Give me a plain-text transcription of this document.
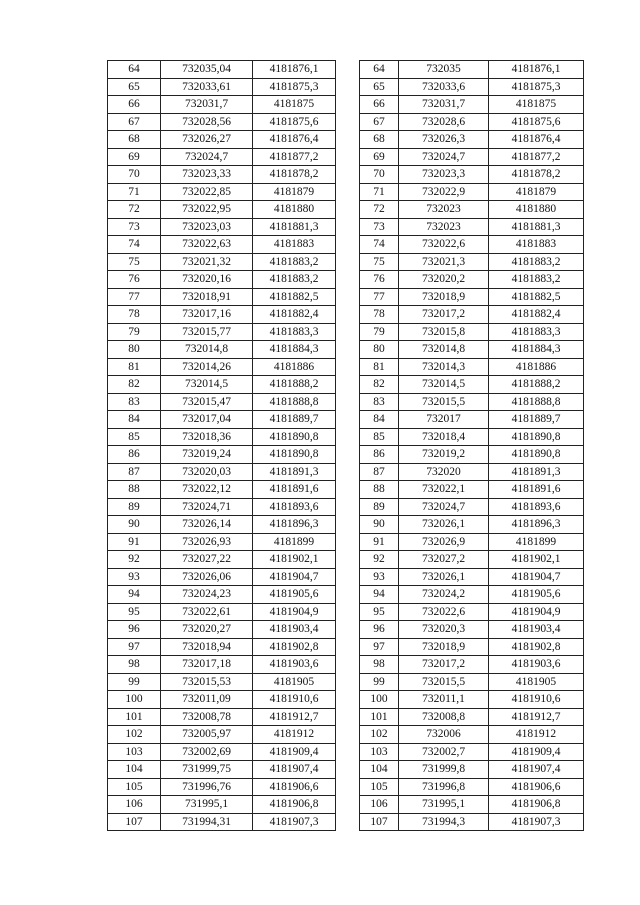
64	732035,04	4181876,1
65	732033,61	4181875,3
66	732031,7	4181875
67	732028,56	4181875,6
68	732026,27	4181876,4
69	732024,7	4181877,2
70	732023,33	4181878,2
71	732022,85	4181879
72	732022,95	4181880
73	732023,03	4181881,3
74	732022,63	4181883
75	732021,32	4181883,2
76	732020,16	4181883,2
77	732018,91	4181882,5
78	732017,16	4181882,4
79	732015,77	4181883,3
80	732014,8	4181884,3
81	732014,26	4181886
82	732014,5	4181888,2
83	732015,47	4181888,8
84	732017,04	4181889,7
85	732018,36	4181890,8
86	732019,24	4181890,8
87	732020,03	4181891,3
88	732022,12	4181891,6
89	732024,71	4181893,6
90	732026,14	4181896,3
91	732026,93	4181899
92	732027,22	4181902,1
93	732026,06	4181904,7
94	732024,23	4181905,6
95	732022,61	4181904,9
96	732020,27	4181903,4
97	732018,94	4181902,8
98	732017,18	4181903,6
99	732015,53	4181905
100	732011,09	4181910,6
101	732008,78	4181912,7
102	732005,97	4181912
103	732002,69	4181909,4
104	731999,75	4181907,4
105	731996,76	4181906,6
106	731995,1	4181906,8
107	731994,31	4181907,3
64	732035	4181876,1
65	732033,6	4181875,3
66	732031,7	4181875
67	732028,6	4181875,6
68	732026,3	4181876,4
69	732024,7	4181877,2
70	732023,3	4181878,2
71	732022,9	4181879
72	732023	4181880
73	732023	4181881,3
74	732022,6	4181883
75	732021,3	4181883,2
76	732020,2	4181883,2
77	732018,9	4181882,5
78	732017,2	4181882,4
79	732015,8	4181883,3
80	732014,8	4181884,3
81	732014,3	4181886
82	732014,5	4181888,2
83	732015,5	4181888,8
84	732017	4181889,7
85	732018,4	4181890,8
86	732019,2	4181890,8
87	732020	4181891,3
88	732022,1	4181891,6
89	732024,7	4181893,6
90	732026,1	4181896,3
91	732026,9	4181899
92	732027,2	4181902,1
93	732026,1	4181904,7
94	732024,2	4181905,6
95	732022,6	4181904,9
96	732020,3	4181903,4
97	732018,9	4181902,8
98	732017,2	4181903,6
99	732015,5	4181905
100	732011,1	4181910,6
101	732008,8	4181912,7
102	732006	4181912
103	732002,7	4181909,4
104	731999,8	4181907,4
105	731996,8	4181906,6
106	731995,1	4181906,8
107	731994,3	4181907,3
